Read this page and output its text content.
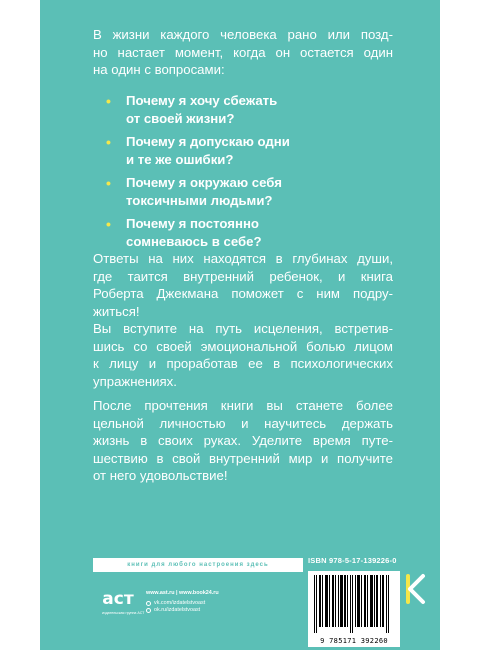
В жизни каждого человека рано или позд-
но настает момент, когда он остается один
на один с вопросами:

• Почему я хочу сбежать
от своей жизни?
• Почему я допускаю одни
и те же ошибки?
• Почему я окружаю себя
токсичными людьми?
• Почему я постоянно
сомневаюсь в себе?

Ответы на них находятся в глубинах души,
где таится внутренний ребенок, и книга
Роберта Джекмана поможет с ним подру-
житься!

Вы вступите на путь исцеления, встретив-
шись со своей эмоциональной болью лицом
к лицу и проработав ее в психологических
упражнениях.

После прочтения книги вы станете более
цельной личностью и научитесь держать
жизнь в своих руках. Уделите время путе-
шествию в свой внутренний мир и получите
от него удовольствие!

книги для любого настроения здесь
аст
издательская группа АСТ
www.ast.ru | www.book24.ru
vk.com/izdatelstvoast
ok.ru/izdatelstvoast
ISBN 978-5-17-139226-0
9 785171 392260
